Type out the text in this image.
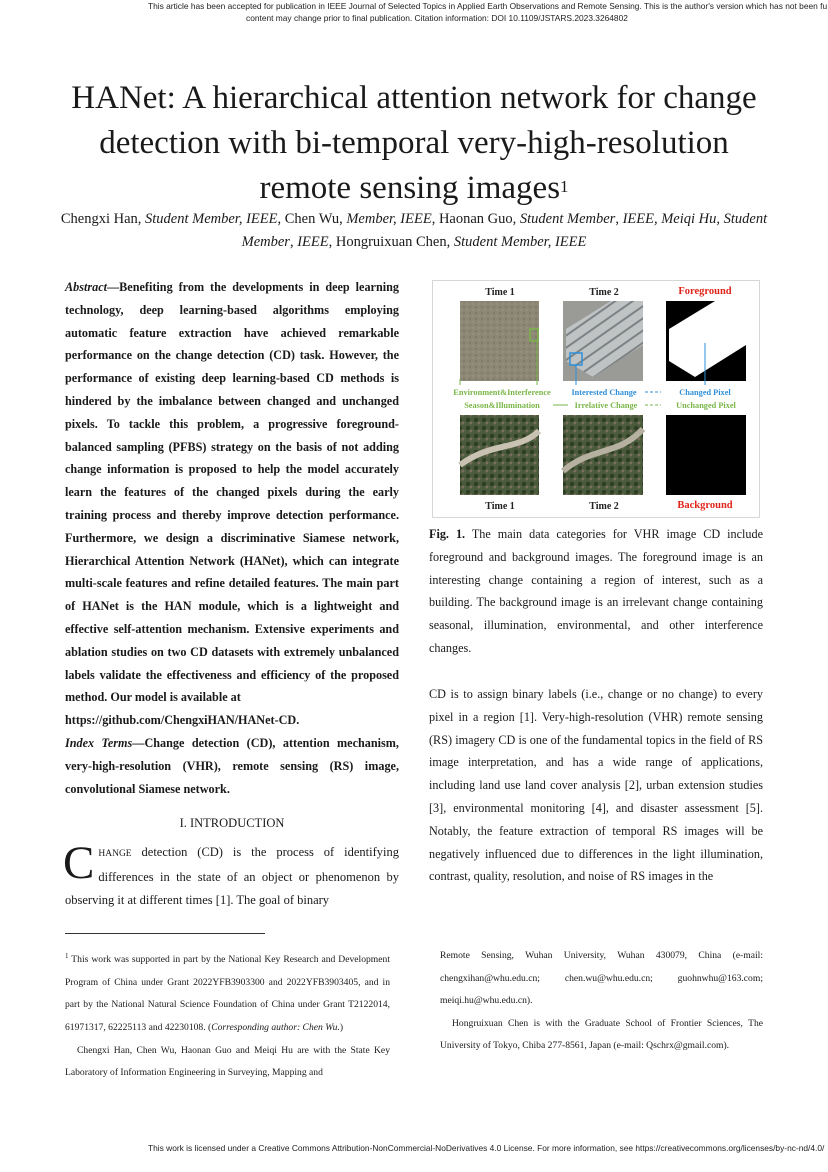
This article has been accepted for publication in IEEE Journal of Selected Topics in Applied Earth Observations and Remote Sensing. This is the author's version which has not been fu
content may change prior to final publication. Citation information: DOI 10.1109/JSTARS.2023.3264802
HANet: A hierarchical attention network for change
detection with bi-temporal very-high-resolution
remote sensing images$^1$
Chengxi Han, Student Member, IEEE, Chen Wu, Member, IEEE, Haonan Guo, Student Member, IEEE, Meiqi Hu, Student Member, IEEE, Hongruixuan Chen, Student Member, IEEE
Abstract—Benefiting from the developments in deep learning technology, deep learning-based algorithms employing automatic feature extraction have achieved remarkable performance on the change detection (CD) task. However, the performance of existing deep learning-based CD methods is hindered by the imbalance between changed and unchanged pixels. To tackle this problem, a progressive foreground-balanced sampling (PFBS) strategy on the basis of not adding change information is proposed to help the model accurately learn the features of the changed pixels during the early training process and thereby improve detection performance. Furthermore, we design a discriminative Siamese network, Hierarchical Attention Network (HANet), which can integrate multi-scale features and refine detailed features. The main part of HANet is the HAN module, which is a lightweight and effective self-attention mechanism. Extensive experiments and ablation studies on two CD datasets with extremely unbalanced labels validate the effectiveness and efficiency of the proposed method. Our model is available at
https://github.com/ChengxiHAN/HANet-CD.
Index Terms—Change detection (CD), attention mechanism, very-high-resolution (VHR), remote sensing (RS) image, convolutional Siamese network.
I. INTRODUCTION
CHANGE detection (CD) is the process of identifying differences in the state of an object or phenomenon by observing it at different times [1]. The goal of binary
Time 1	Time 2	Foreground
Environment&Interference	Interested Change	Changed Pixel
Season&Illumination	Irrelative Change	Unchanged Pixel
Time 1	Time 2	Background
Fig. 1. The main data categories for VHR image CD include foreground and background images. The foreground image is an interesting change containing a region of interest, such as a building. The background image is an irrelevant change containing seasonal, illumination, environmental, and other interference changes.
CD is to assign binary labels (i.e., change or no change) to every pixel in a region [1]. Very-high-resolution (VHR) remote sensing (RS) imagery CD is one of the fundamental topics in the field of RS image interpretation, and has a wide range of applications, including land use land cover analysis [2], urban extension studies [3], environmental monitoring [4], and disaster assessment [5]. Notably, the feature extraction of temporal RS images will be negatively influenced due to differences in the light illumination, contrast, quality, resolution, and noise of RS images in the

$^1$ This work was supported in part by the National Key Research and Development Program of China under Grant 2022YFB3903300 and 2022YFB3903405, and in part by the National Natural Science Foundation of China under Grant T2122014, 61971317, 62225113 and 42230108. (Corresponding author: Chen Wu.)

Chengxi Han, Chen Wu, Haonan Guo and Meiqi Hu are with the State Key Laboratory of Information Engineering in Surveying, Mapping and

Remote Sensing, Wuhan University, Wuhan 430079, China (e-mail: chengxihan@whu.edu.cn; chen.wu@whu.edu.cn; guohnwhu@163.com; meiqi.hu@whu.edu.cn).

Hongruixuan Chen is with the Graduate School of Frontier Sciences, The University of Tokyo, Chiba 277-8561, Japan (e-mail: Qschrx@gmail.com).

This work is licensed under a Creative Commons Attribution-NonCommercial-NoDerivatives 4.0 License. For more information, see https://creativecommons.org/licenses/by-nc-nd/4.0/
